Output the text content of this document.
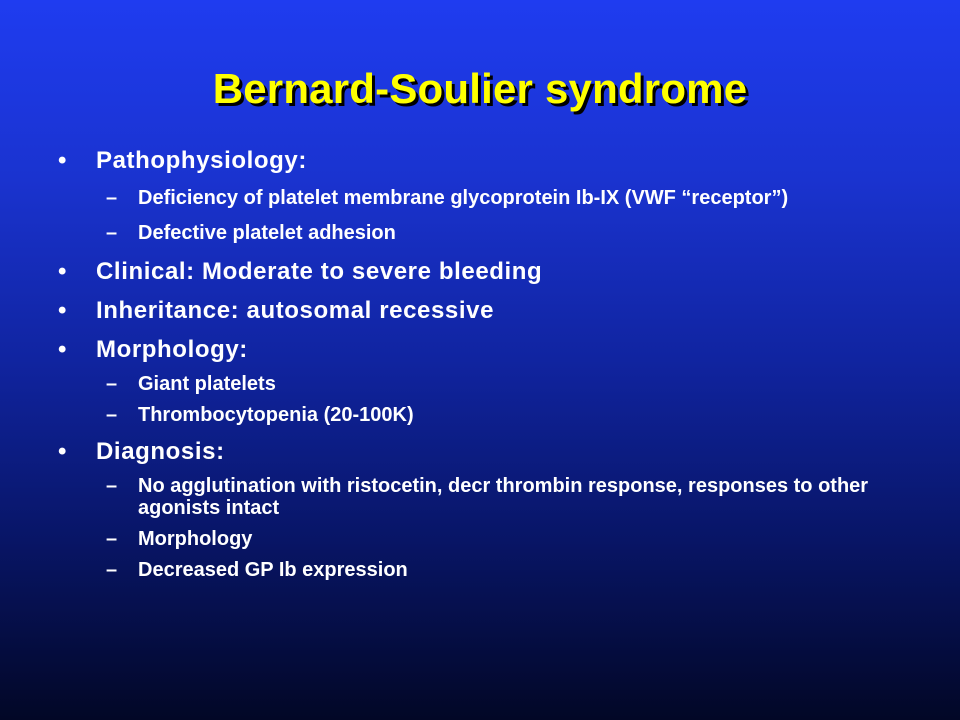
Bernard-Soulier syndrome
•	Pathophysiology:
– Deficiency of platelet membrane glycoprotein Ib-IX (VWF “receptor”)
– Defective platelet adhesion
•	Clinical: Moderate to severe bleeding
•	Inheritance: autosomal recessive
•	Morphology:
– Giant platelets
– Thrombocytopenia (20-100K)
•	Diagnosis:
– No agglutination with ristocetin, decr thrombin response, responses to other agonists intact
– Morphology
– Decreased GP Ib expression
